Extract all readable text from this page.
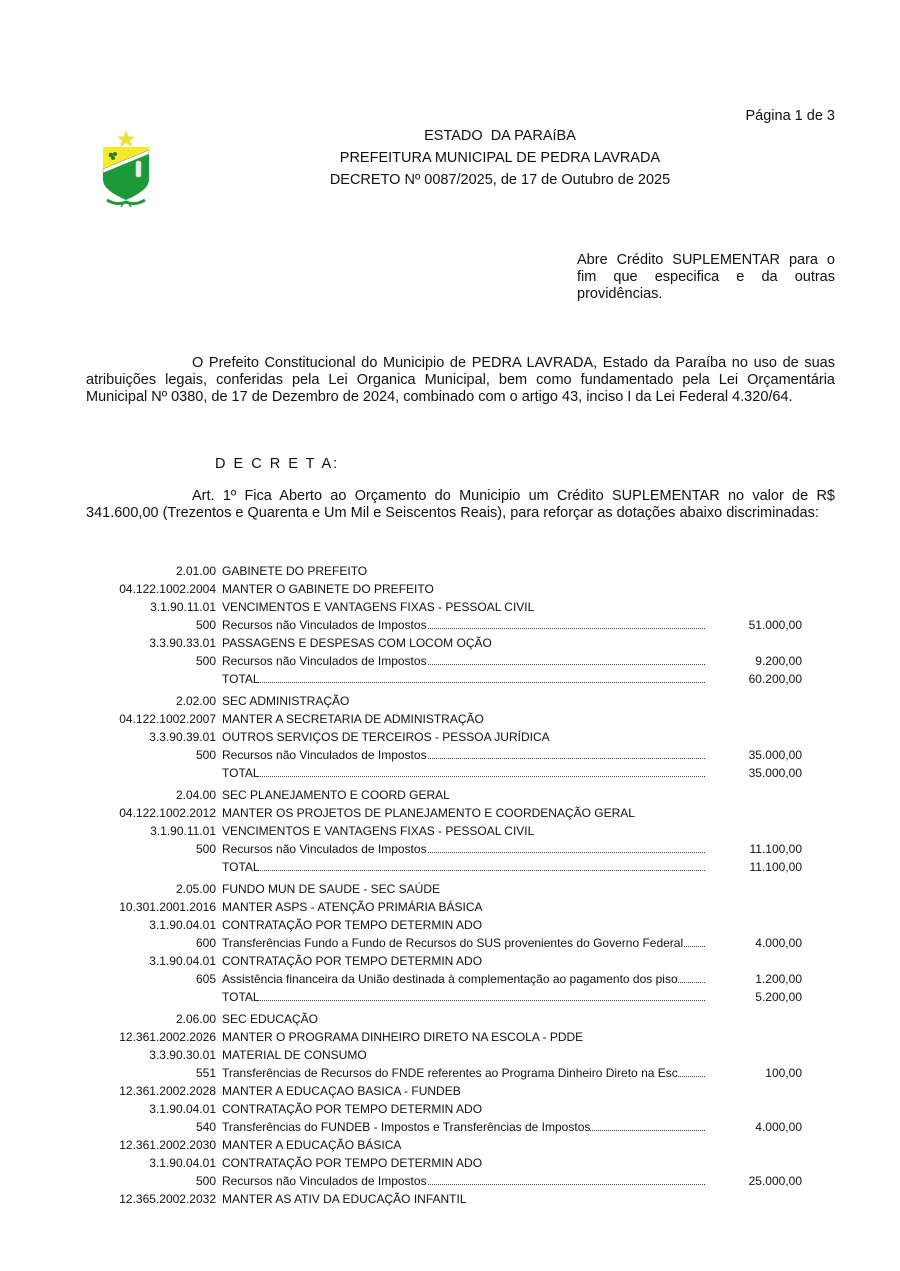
Página 1 de 3
ESTADO  DA PARAíBA
PREFEITURA MUNICIPAL DE PEDRA LAVRADA
DECRETO Nº 0087/2025, de 17 de Outubro de 2025
Abre Crédito SUPLEMENTAR para o fim que especifica e da outras providências.
O Prefeito Constitucional do Municipio de PEDRA LAVRADA, Estado da Paraíba no uso de suas atribuições legais, conferidas pela Lei Organica Municipal, bem como fundamentado pela Lei Orçamentária Municipal Nº 0380, de 17 de Dezembro de 2024, combinado com o artigo 43, inciso I da Lei Federal 4.320/64.
D E C R E T A:
Art. 1º Fica Aberto ao Orçamento do Municipio um Crédito SUPLEMENTAR no valor de R$ 341.600,00 (Trezentos e Quarenta e Um Mil e Seiscentos Reais), para reforçar as dotações abaixo discriminadas:
2.01.00 GABINETE DO PREFEITO
04.122.1002.2004 MANTER O GABINETE DO PREFEITO
3.1.90.11.01 VENCIMENTOS E VANTAGENS FIXAS - PESSOAL CIVIL
500 Recursos não Vinculados de Impostos	51.000,00
3.3.90.33.01 PASSAGENS E DESPESAS COM LOCOM OÇÃO
500 Recursos não Vinculados de Impostos	9.200,00
TOTAL	60.200,00
2.02.00 SEC ADMINISTRAÇÃO
04.122.1002.2007 MANTER A SECRETARIA DE ADMINISTRAÇÃO
3.3.90.39.01 OUTROS SERVIÇOS DE TERCEIROS - PESSOA JURÍDICA
500 Recursos não Vinculados de Impostos	35.000,00
TOTAL	35.000,00
2.04.00 SEC PLANEJAMENTO E COORD GERAL
04.122.1002.2012 MANTER OS PROJETOS DE PLANEJAMENTO E COORDENAÇÃO GERAL
3.1.90.11.01 VENCIMENTOS E VANTAGENS FIXAS - PESSOAL CIVIL
500 Recursos não Vinculados de Impostos	11.100,00
TOTAL	11.100,00
2.05.00 FUNDO MUN DE SAUDE - SEC SAÚDE
10.301.2001.2016 MANTER ASPS - ATENÇÃO PRIMÁRIA BÁSICA
3.1.90.04.01 CONTRATAÇÃO POR TEMPO DETERMIN ADO
600 Transferências Fundo a Fundo de Recursos do SUS provenientes do Governo Federal	4.000,00
3.1.90.04.01 CONTRATAÇÃO POR TEMPO DETERMIN ADO
605 Assistência financeira da União destinada à complementação ao pagamento dos piso	1.200,00
TOTAL	5.200,00
2.06.00 SEC EDUCAÇÃO
12.361.2002.2026 MANTER O PROGRAMA DINHEIRO DIRETO NA ESCOLA - PDDE
3.3.90.30.01 MATERIAL DE CONSUMO
551 Transferências de Recursos do FNDE referentes ao Programa Dinheiro Direto na Esc	100,00
12.361.2002.2028 MANTER A EDUCAÇAO BASICA - FUNDEB
3.1.90.04.01 CONTRATAÇÃO POR TEMPO DETERMIN ADO
540 Transferências do FUNDEB - Impostos e Transferências de Impostos	4.000,00
12.361.2002.2030 MANTER A EDUCAÇÃO BÁSICA
3.1.90.04.01 CONTRATAÇÃO POR TEMPO DETERMIN ADO
500 Recursos não Vinculados de Impostos	25.000,00
12.365.2002.2032 MANTER AS ATIV DA EDUCAÇÃO INFANTIL
